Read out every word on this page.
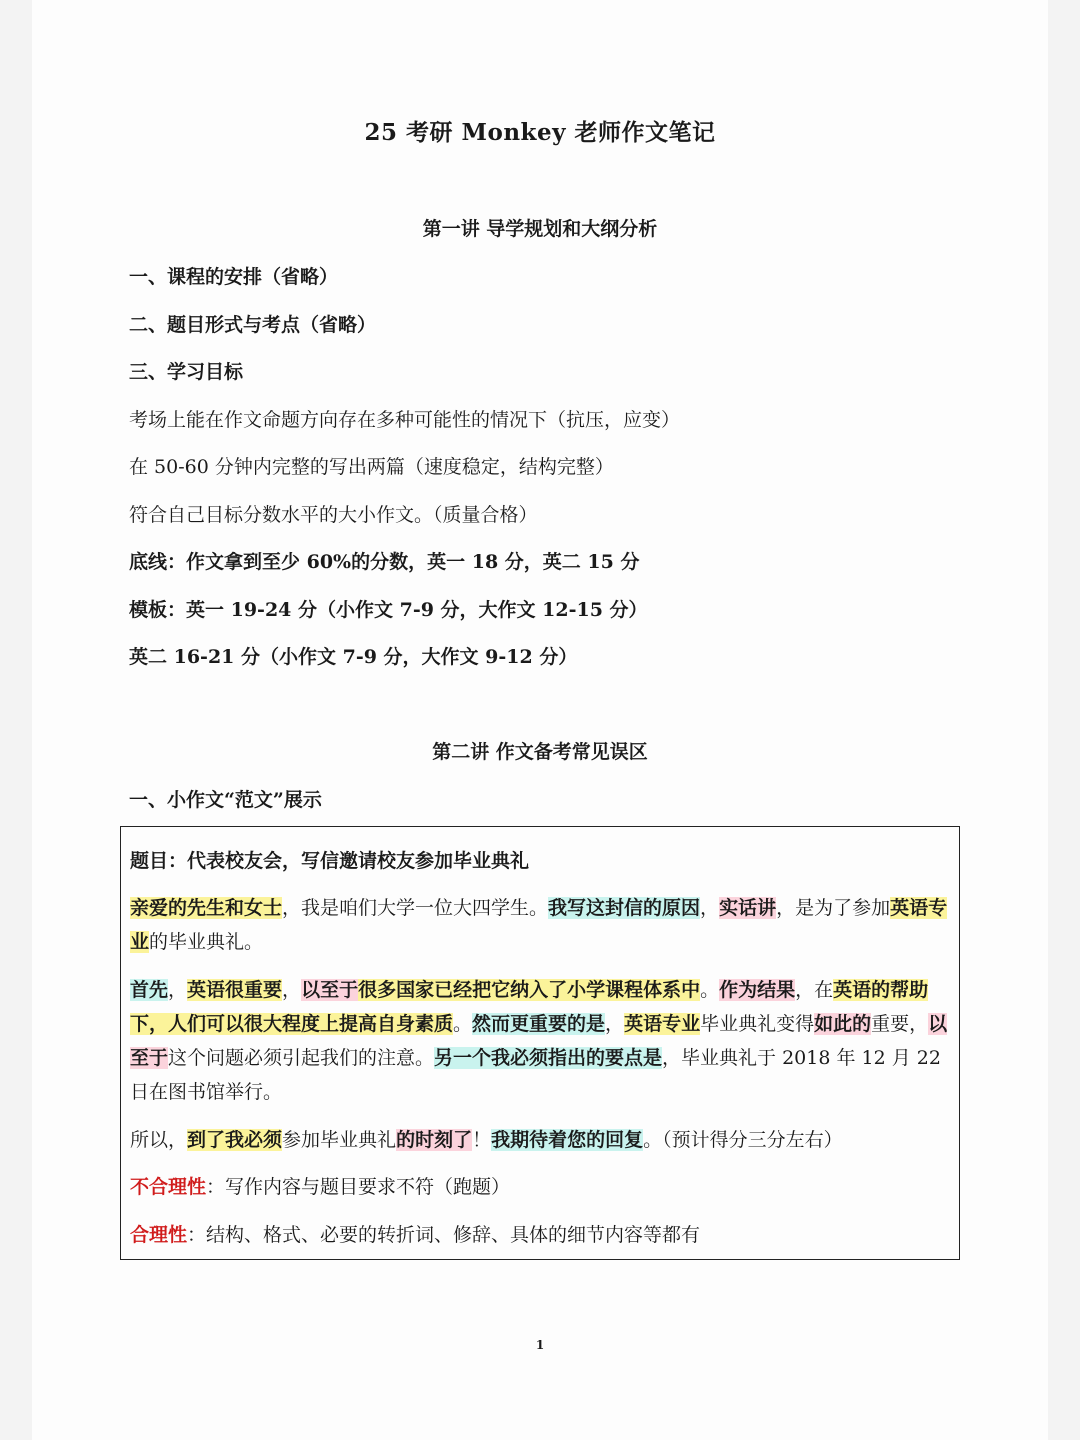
25 考研 Monkey 老师作文笔记
第一讲 导学规划和大纲分析
一、课程的安排（省略）
二、题目形式与考点（省略）
三、学习目标
考场上能在作文命题方向存在多种可能性的情况下（抗压，应变）
在 50-60 分钟内完整的写出两篇（速度稳定，结构完整）
符合自己目标分数水平的大小作文。（质量合格）
底线：作文拿到至少 60%的分数，英一 18 分，英二 15 分
模板：英一 19-24 分（小作文 7-9 分，大作文 12-15 分）
英二 16-21 分（小作文 7-9 分，大作文 9-12 分）
第二讲 作文备考常见误区
一、小作文“范文”展示

题目：代表校友会，写信邀请校友参加毕业典礼

亲爱的先生和女士，我是咱们大学一位大四学生。我写这封信的原因，实话讲，是为了参加英语专业的毕业典礼。

首先，英语很重要，以至于很多国家已经把它纳入了小学课程体系中。作为结果，在英语的帮助下，人们可以很大程度上提高自身素质。然而更重要的是，英语专业毕业典礼变得如此的重要，以至于这个问题必须引起我们的注意。另一个我必须指出的要点是，毕业典礼于 2018 年 12 月 22 日在图书馆举行。

所以，到了我必须参加毕业典礼的时刻了！我期待着您的回复。（预计得分三分左右）

不合理性：写作内容与题目要求不符（跑题）

合理性：结构、格式、必要的转折词、修辞、具体的细节内容等都有

1
